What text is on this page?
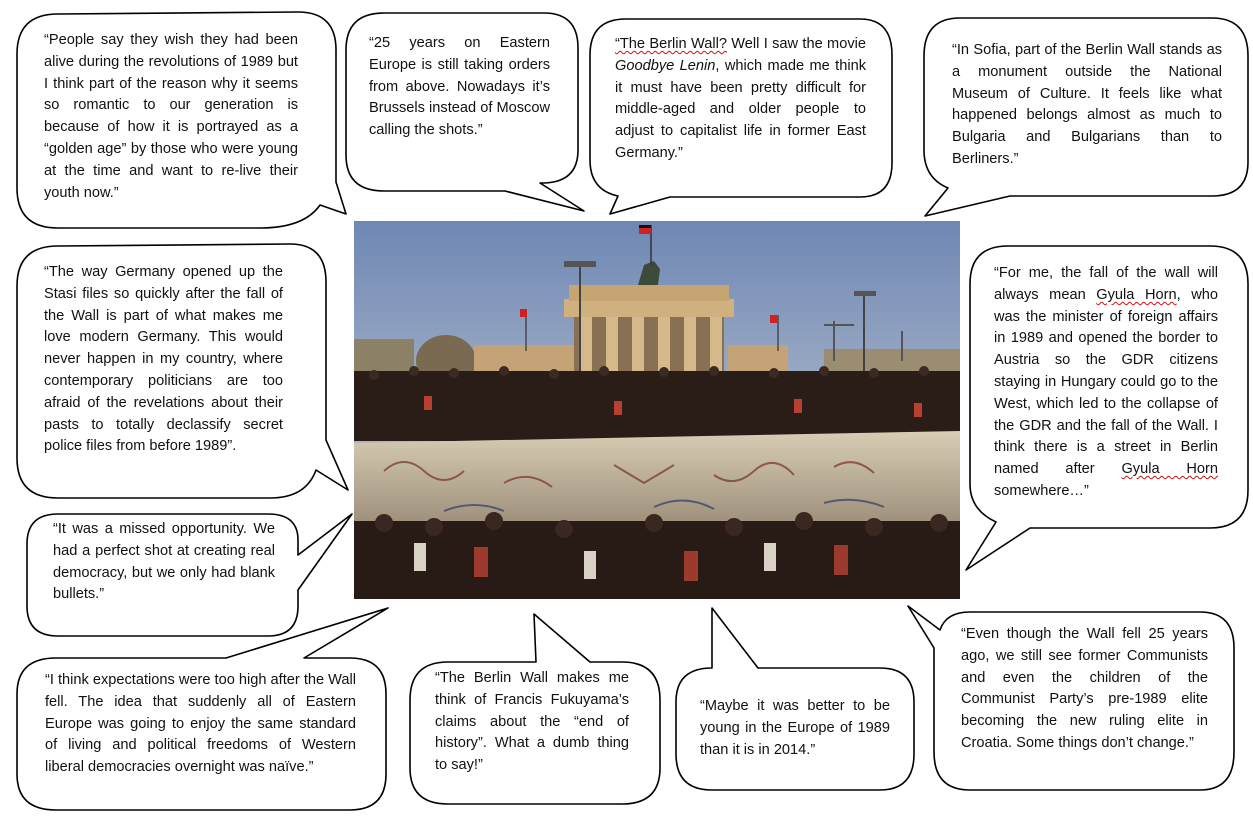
“People say they wish they had been alive during the revolutions of 1989 but I think part of the reason why it seems so romantic to our generation is because of how it is portrayed as a “golden age” by those who were young at the time and want to re-live their youth now.”

“25 years on Eastern Europe is still taking orders from above. Nowadays it’s Brussels instead of Moscow calling the shots.”

“The Berlin Wall? Well I saw the movie Goodbye Lenin, which made me think it must have been pretty difficult for middle-aged and older people to adjust to capitalist life in former East Germany.”

“In Sofia, part of the Berlin Wall stands as a monument outside the National Museum of Culture. It feels like what happened belongs almost as much to Bulgaria and Bulgarians than to Berliners.”

“The way Germany opened up the Stasi files so quickly after the fall of the Wall is part of what makes me love modern Germany. This would never happen in my country, where contemporary politicians are too afraid of the revelations about their pasts to totally declassify secret police files from before 1989”.

“For me, the fall of the wall will always mean Gyula Horn, who was the minister of foreign affairs in 1989 and opened the border to Austria so the GDR citizens staying in Hungary could go to the West, which led to the collapse of the GDR and the fall of the Wall. I think there is a street in Berlin named after Gyula Horn somewhere…”

“It was a missed opportunity. We had a perfect shot at creating real democracy, but we only had blank bullets.”

“I think expectations were too high after the Wall fell. The idea that suddenly all of Eastern Europe was going to enjoy the same standard of living and political freedoms of Western liberal democracies overnight was naïve.”

“The Berlin Wall makes me think of Francis Fukuyama’s claims about the “end of history”. What a dumb thing to say!”

“Maybe it was better to be young in the Europe of 1989 than it is in 2014.”

“Even though the Wall fell 25 years ago, we still see former Communists and even the children of the Communist Party’s pre-1989 elite becoming the new ruling elite in Croatia. Some things don’t change.”
